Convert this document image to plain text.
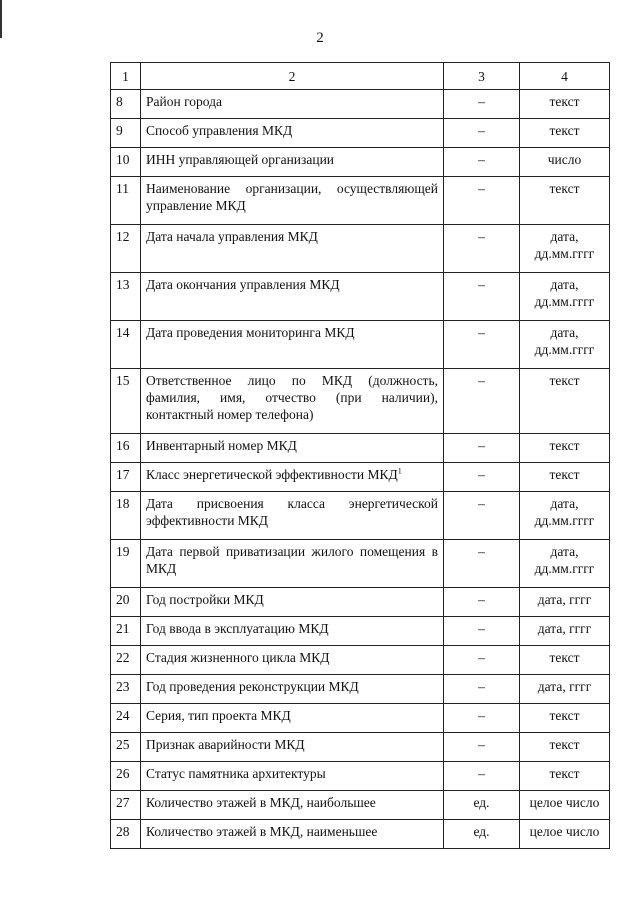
2
1	2	3	4
8	Район города	–	текст
9	Способ управления МКД	–	текст
10	ИНН управляющей организации	–	число
11	Наименование организации, осуществляющей управление МКД	–	текст
12	Дата начала управления МКД	–	дата, дд.мм.гггг
13	Дата окончания управления МКД	–	дата, дд.мм.гггг
14	Дата проведения мониторинга МКД	–	дата, дд.мм.гггг
15	Ответственное лицо по МКД (должность, фамилия, имя, отчество (при наличии), контактный номер телефона)	–	текст
16	Инвентарный номер МКД	–	текст
17	Класс энергетической эффективности МКД$^1$	–	текст
18	Дата присвоения класса энергетической эффективности МКД	–	дата, дд.мм.гггг
19	Дата первой приватизации жилого помещения в МКД	–	дата, дд.мм.гггг
20	Год постройки МКД	–	дата, гггг
21	Год ввода в эксплуатацию МКД	–	дата, гггг
22	Стадия жизненного цикла МКД	–	текст
23	Год проведения реконструкции МКД	–	дата, гггг
24	Серия, тип проекта МКД	–	текст
25	Признак аварийности МКД	–	текст
26	Статус памятника архитектуры	–	текст
27	Количество этажей в МКД, наибольшее	ед.	целое число
28	Количество этажей в МКД, наименьшее	ед.	целое число
